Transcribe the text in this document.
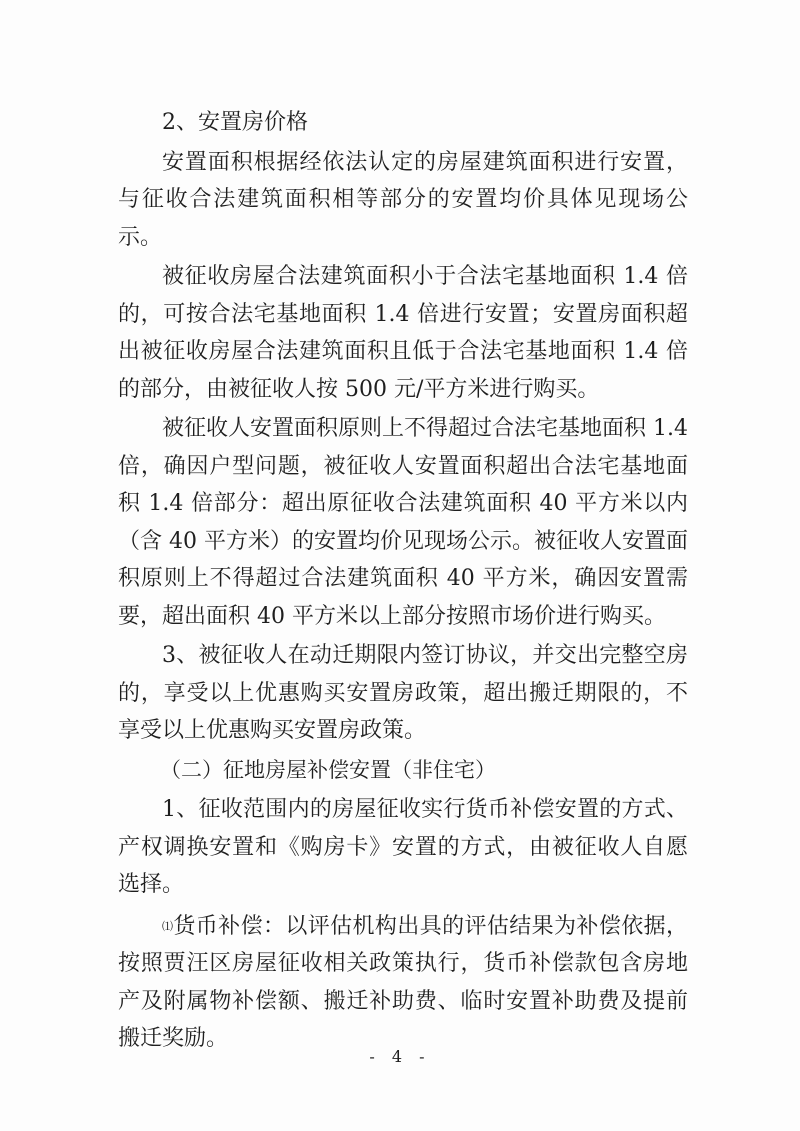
2、安置房价格

安置面积根据经依法认定的房屋建筑面积进行安置，与征收合法建筑面积相等部分的安置均价具体见现场公示。

被征收房屋合法建筑面积小于合法宅基地面积 1.4 倍的，可按合法宅基地面积 1.4 倍进行安置；安置房面积超出被征收房屋合法建筑面积且低于合法宅基地面积 1.4 倍的部分，由被征收人按 500 元/平方米进行购买。

被征收人安置面积原则上不得超过合法宅基地面积 1.4 倍，确因户型问题，被征收人安置面积超出合法宅基地面积 1.4 倍部分：超出原征收合法建筑面积 40 平方米以内（含 40 平方米）的安置均价见现场公示。被征收人安置面积原则上不得超过合法建筑面积 40 平方米，确因安置需要，超出面积 40 平方米以上部分按照市场价进行购买。

3、被征收人在动迁期限内签订协议，并交出完整空房的，享受以上优惠购买安置房政策，超出搬迁期限的，不享受以上优惠购买安置房政策。

（二）征地房屋补偿安置（非住宅）

1、征收范围内的房屋征收实行货币补偿安置的方式、产权调换安置和《购房卡》安置的方式，由被征收人自愿选择。

⑴货币补偿：以评估机构出具的评估结果为补偿依据，按照贾汪区房屋征收相关政策执行，货币补偿款包含房地产及附属物补偿额、搬迁补助费、临时安置补助费及提前搬迁奖励。

- 4 -
